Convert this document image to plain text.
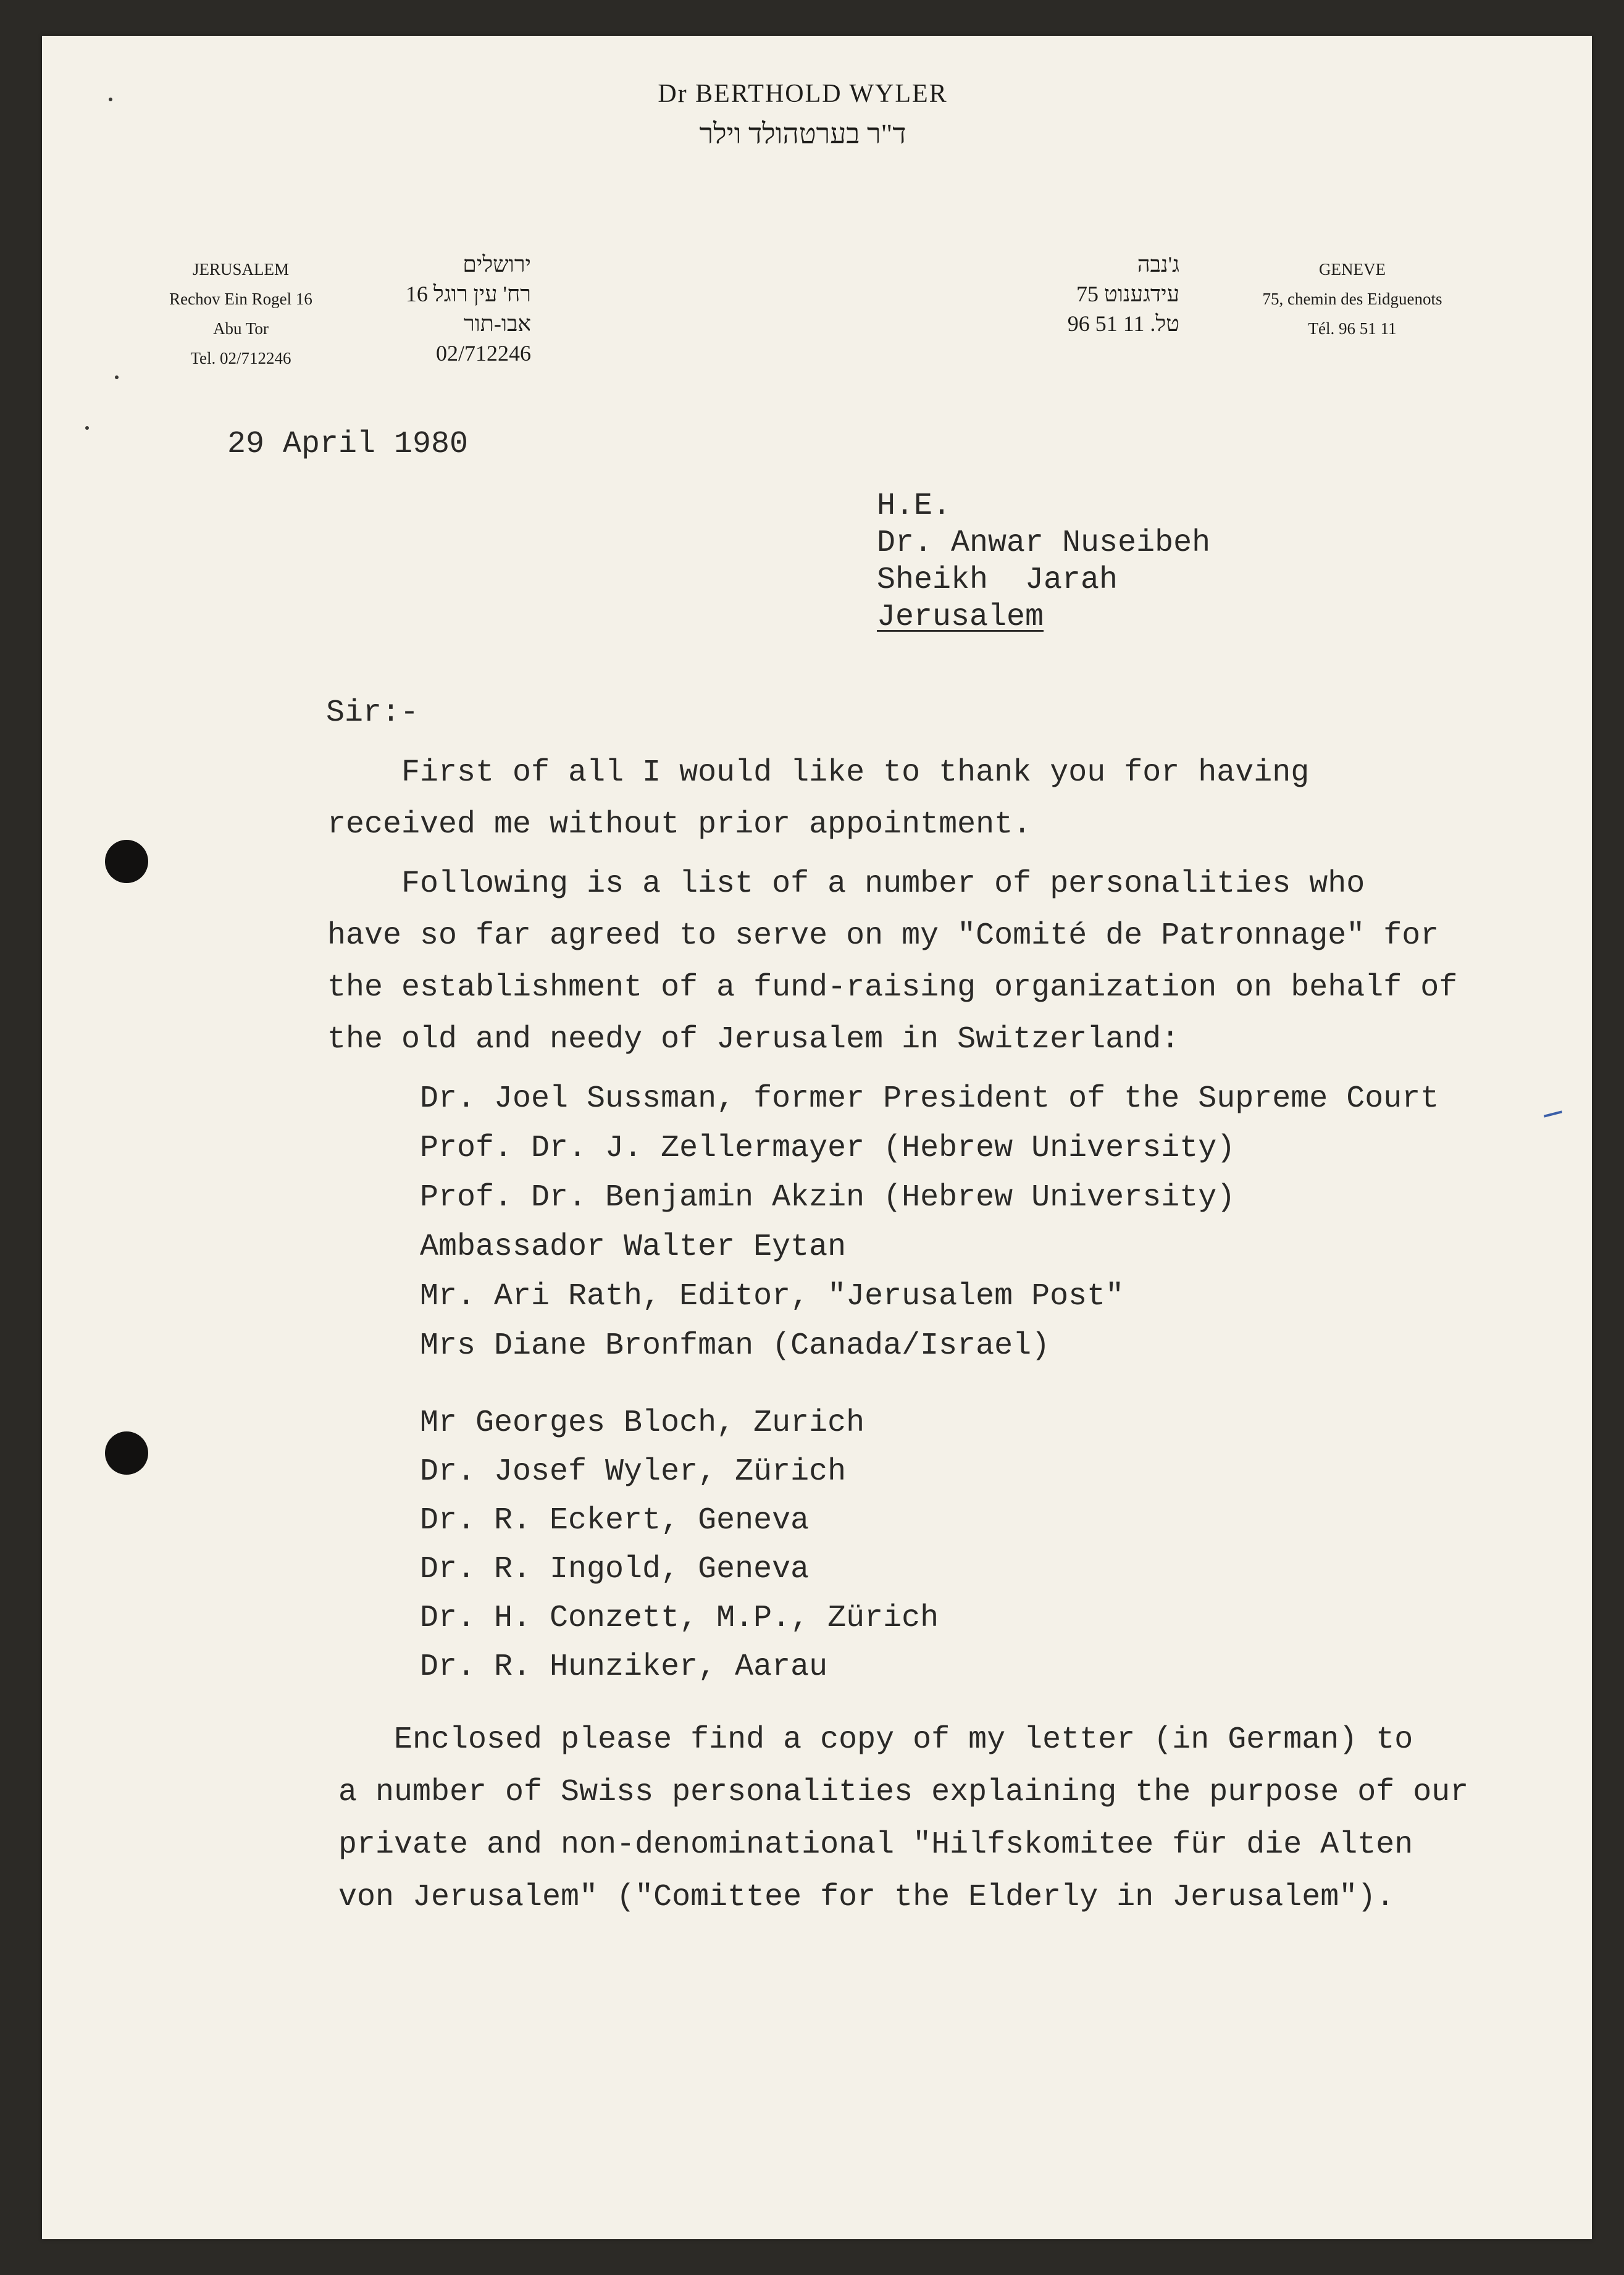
Dr BERTHOLD WYLER
ד"ר בערטהולד וילר
JERUSALEM
Rechov Ein Rogel 16
Abu Tor
Tel. 02/712246
ירושלים
רח' עין רוגל 16
אבו-תור
02/712246
ג'נבה
עידגענוט 75
טל. 11 51 96
GENEVE
75, chemin des Eidguenots
Tél. 96 51 11
29 April 1980
H.E.
Dr. Anwar Nuseibeh
Sheikh  Jarah
Jerusalem
Sir:-
First of all I would like to thank you for having
received me without prior appointment.
Following is a list of a number of personalities who
have so far agreed to serve on my "Comité de Patronnage" for
the establishment of a fund-raising organization on behalf of
the old and needy of Jerusalem in Switzerland:
Dr. Joel Sussman, former President of the Supreme Court
Prof. Dr. J. Zellermayer (Hebrew University)
Prof. Dr. Benjamin Akzin (Hebrew University)
Ambassador Walter Eytan
Mr. Ari Rath, Editor, "Jerusalem Post"
Mrs Diane Bronfman (Canada/Israel)
Mr Georges Bloch, Zurich
Dr. Josef Wyler, Zürich
Dr. R. Eckert, Geneva
Dr. R. Ingold, Geneva
Dr. H. Conzett, M.P., Zürich
Dr. R. Hunziker, Aarau
Enclosed please find a copy of my letter (in German) to
a number of Swiss personalities explaining the purpose of our
private and non-denominational "Hilfskomitee für die Alten
von Jerusalem" ("Comittee for the Elderly in Jerusalem").
